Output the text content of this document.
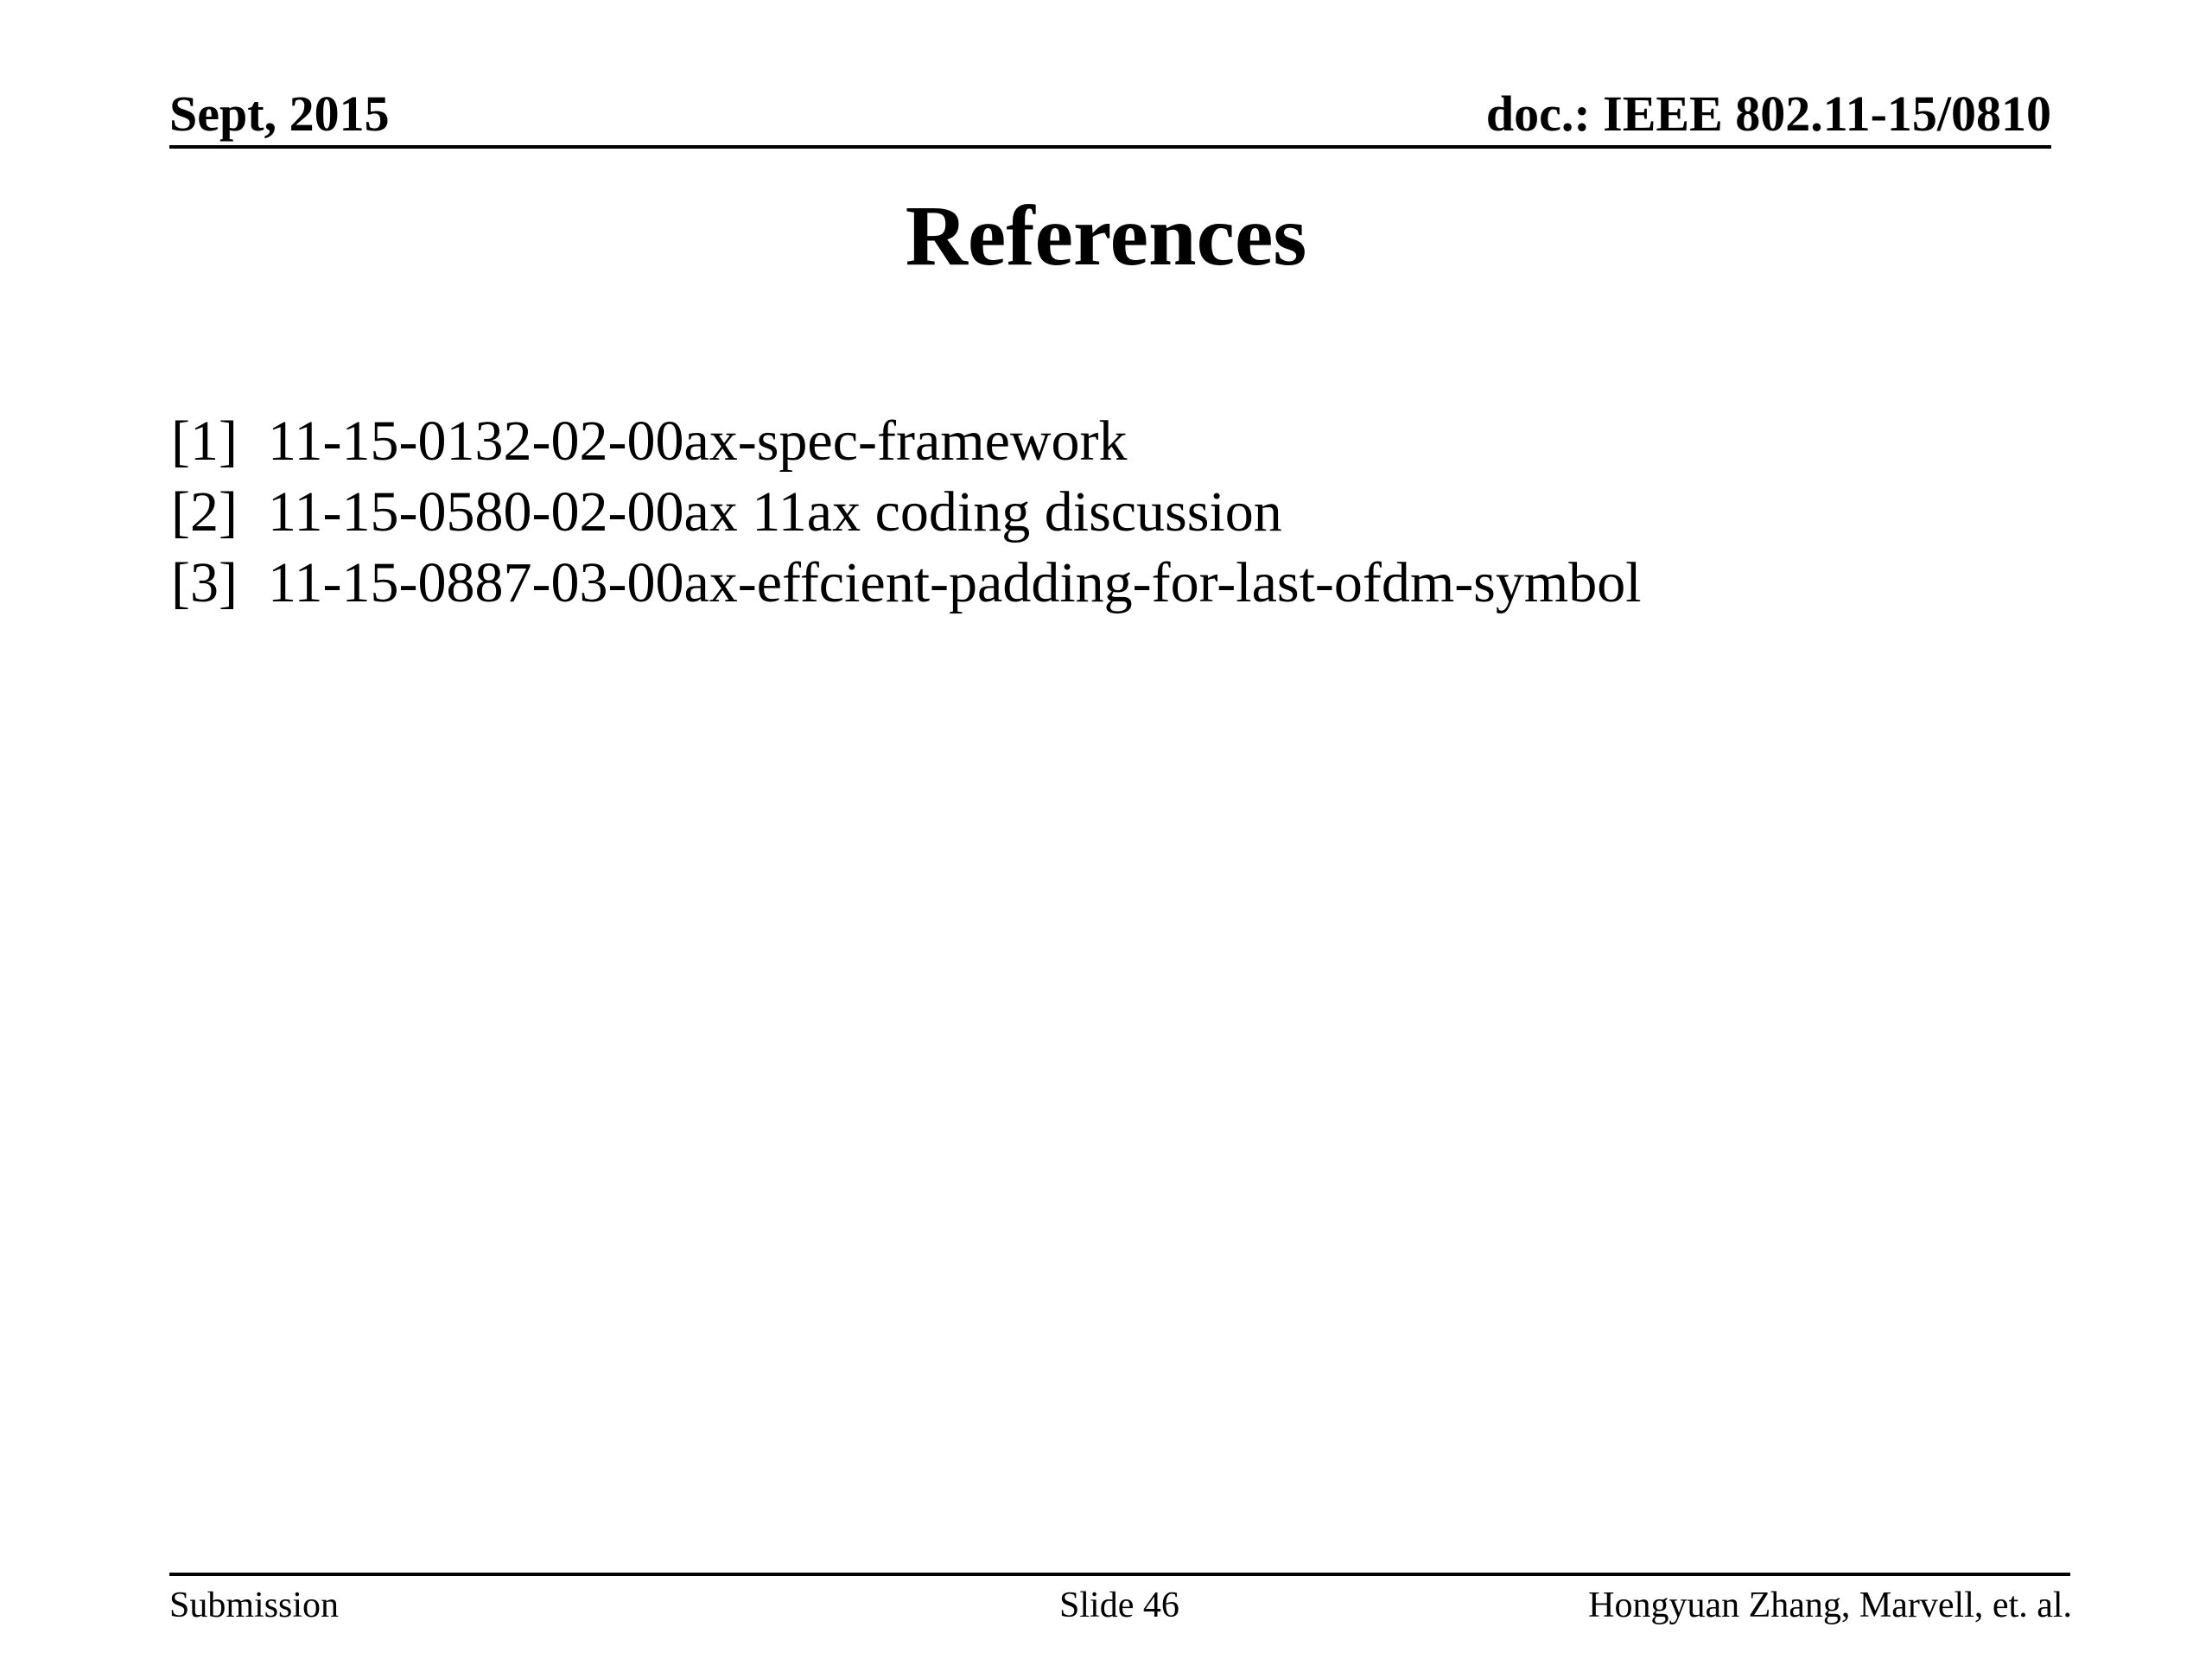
Sept, 2015	doc.: IEEE 802.11-15/0810
References
[1] 11-15-0132-02-00ax-spec-framework
[2] 11-15-0580-02-00ax 11ax coding discussion
[3] 11-15-0887-03-00ax-effcient-padding-for-last-ofdm-symbol
Submission	Slide 46	Hongyuan Zhang, Marvell, et. al.
